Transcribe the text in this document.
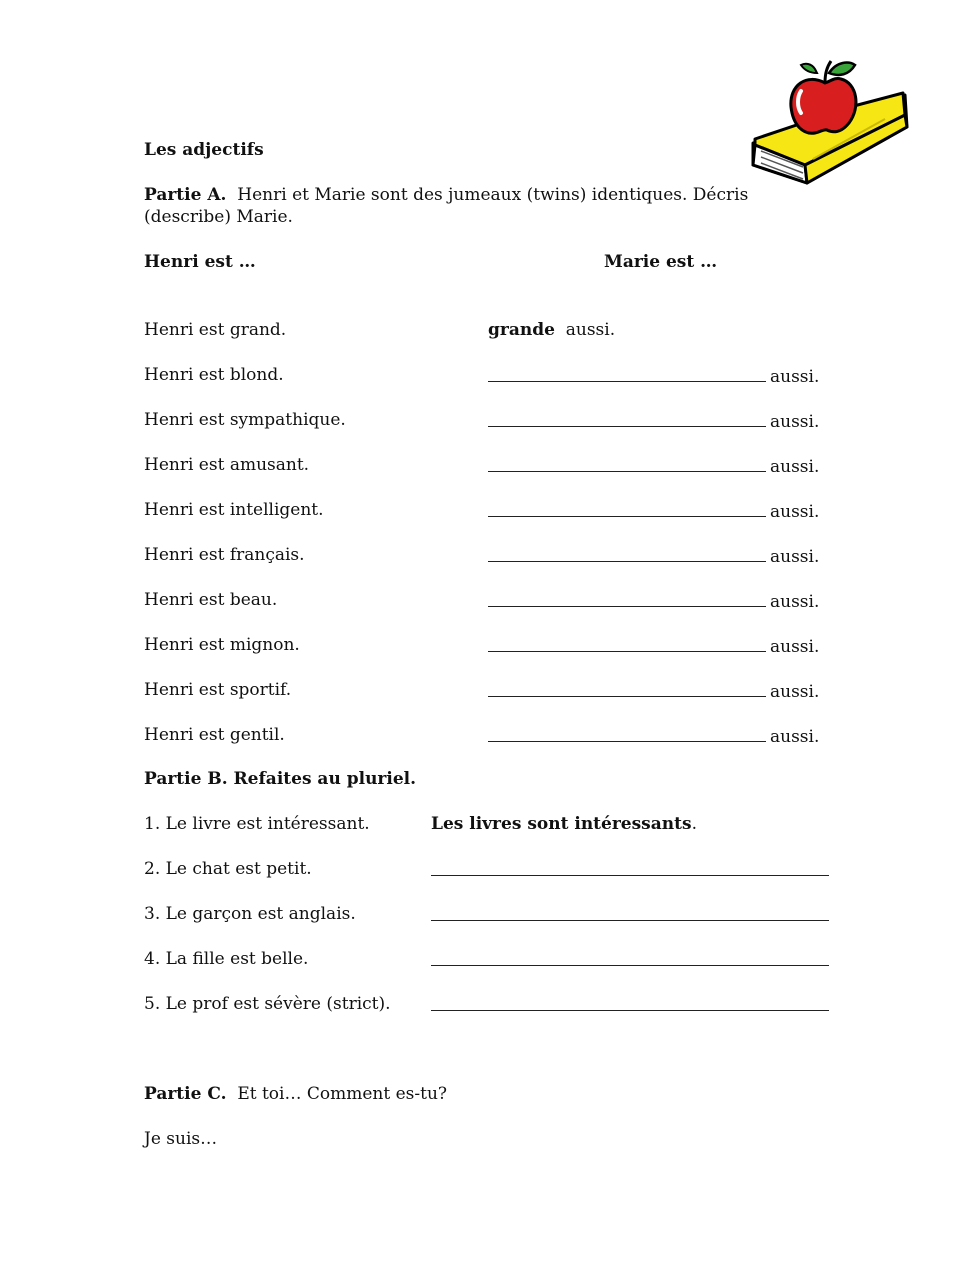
Les adjectifs
Partie A. Henri et Marie sont des jumeaux (twins) identiques. Décris
(describe) Marie.
Henri est …	Marie est …
Henri est grand.	grande aussi.
Henri est blond.	aussi.
Henri est sympathique.	aussi.
Henri est amusant.	aussi.
Henri est intelligent.	aussi.
Henri est français.	aussi.
Henri est beau.	aussi.
Henri est mignon.	aussi.
Henri est sportif.	aussi.
Henri est gentil.	aussi.
Partie B. Refaites au pluriel.
1. Le livre est intéressant.	Les livres sont intéressants.
2. Le chat est petit.
3. Le garçon est anglais.
4. La fille est belle.
5. Le prof est sévère (strict).
Partie C. Et toi… Comment es-tu?
Je suis…
